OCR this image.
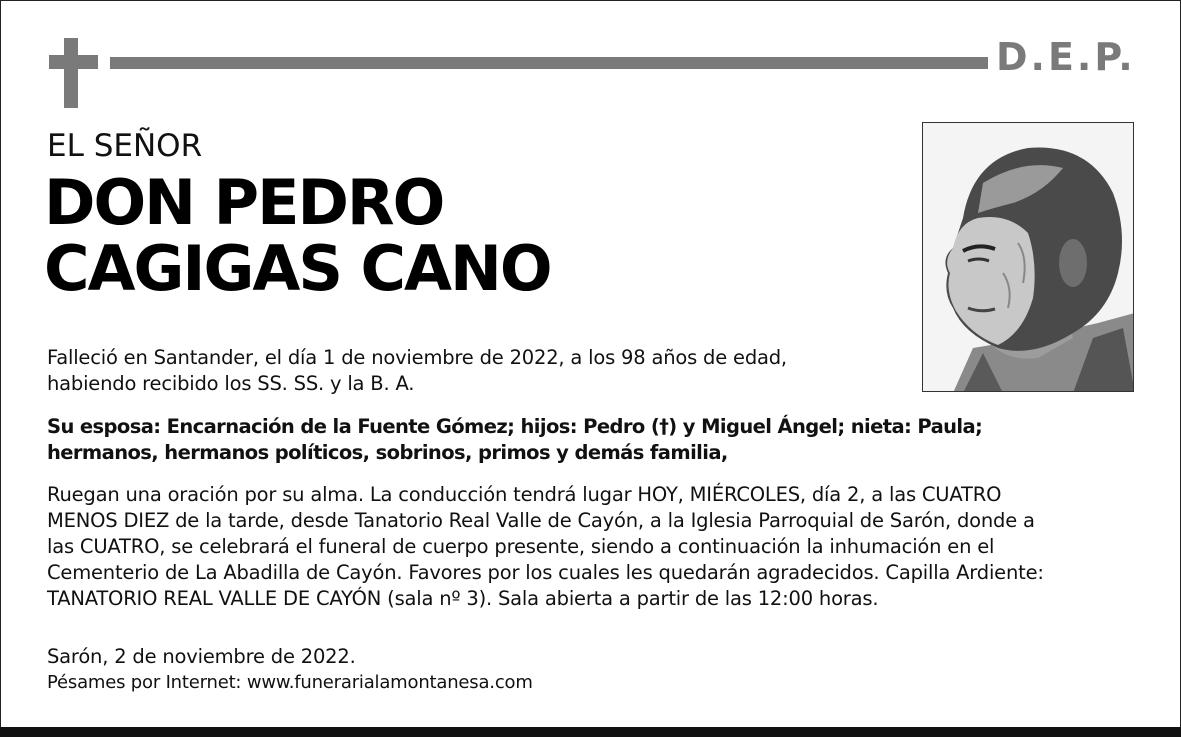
D.E.P.
EL SEÑOR
DON PEDRO
CAGIGAS CANO
Falleció en Santander, el día 1 de noviembre de 2022, a los 98 años de edad,
habiendo recibido los SS. SS. y la B. A.
Su esposa: Encarnación de la Fuente Gómez; hijos: Pedro (†) y Miguel Ángel; nieta: Paula;
hermanos, hermanos políticos, sobrinos, primos y demás familia,
Ruegan una oración por su alma. La conducción tendrá lugar HOY, MIÉRCOLES, día 2, a las CUATRO
MENOS DIEZ de la tarde, desde Tanatorio Real Valle de Cayón, a la Iglesia Parroquial de Sarón, donde a
las CUATRO, se celebrará el funeral de cuerpo presente, siendo a continuación la inhumación en el
Cementerio de La Abadilla de Cayón. Favores por los cuales les quedarán agradecidos. Capilla Ardiente:
TANATORIO REAL VALLE DE CAYÓN (sala nº 3). Sala abierta a partir de las 12:00 horas.
Sarón, 2 de noviembre de 2022.
Pésames por Internet: www.funerarialamontanesa.com
